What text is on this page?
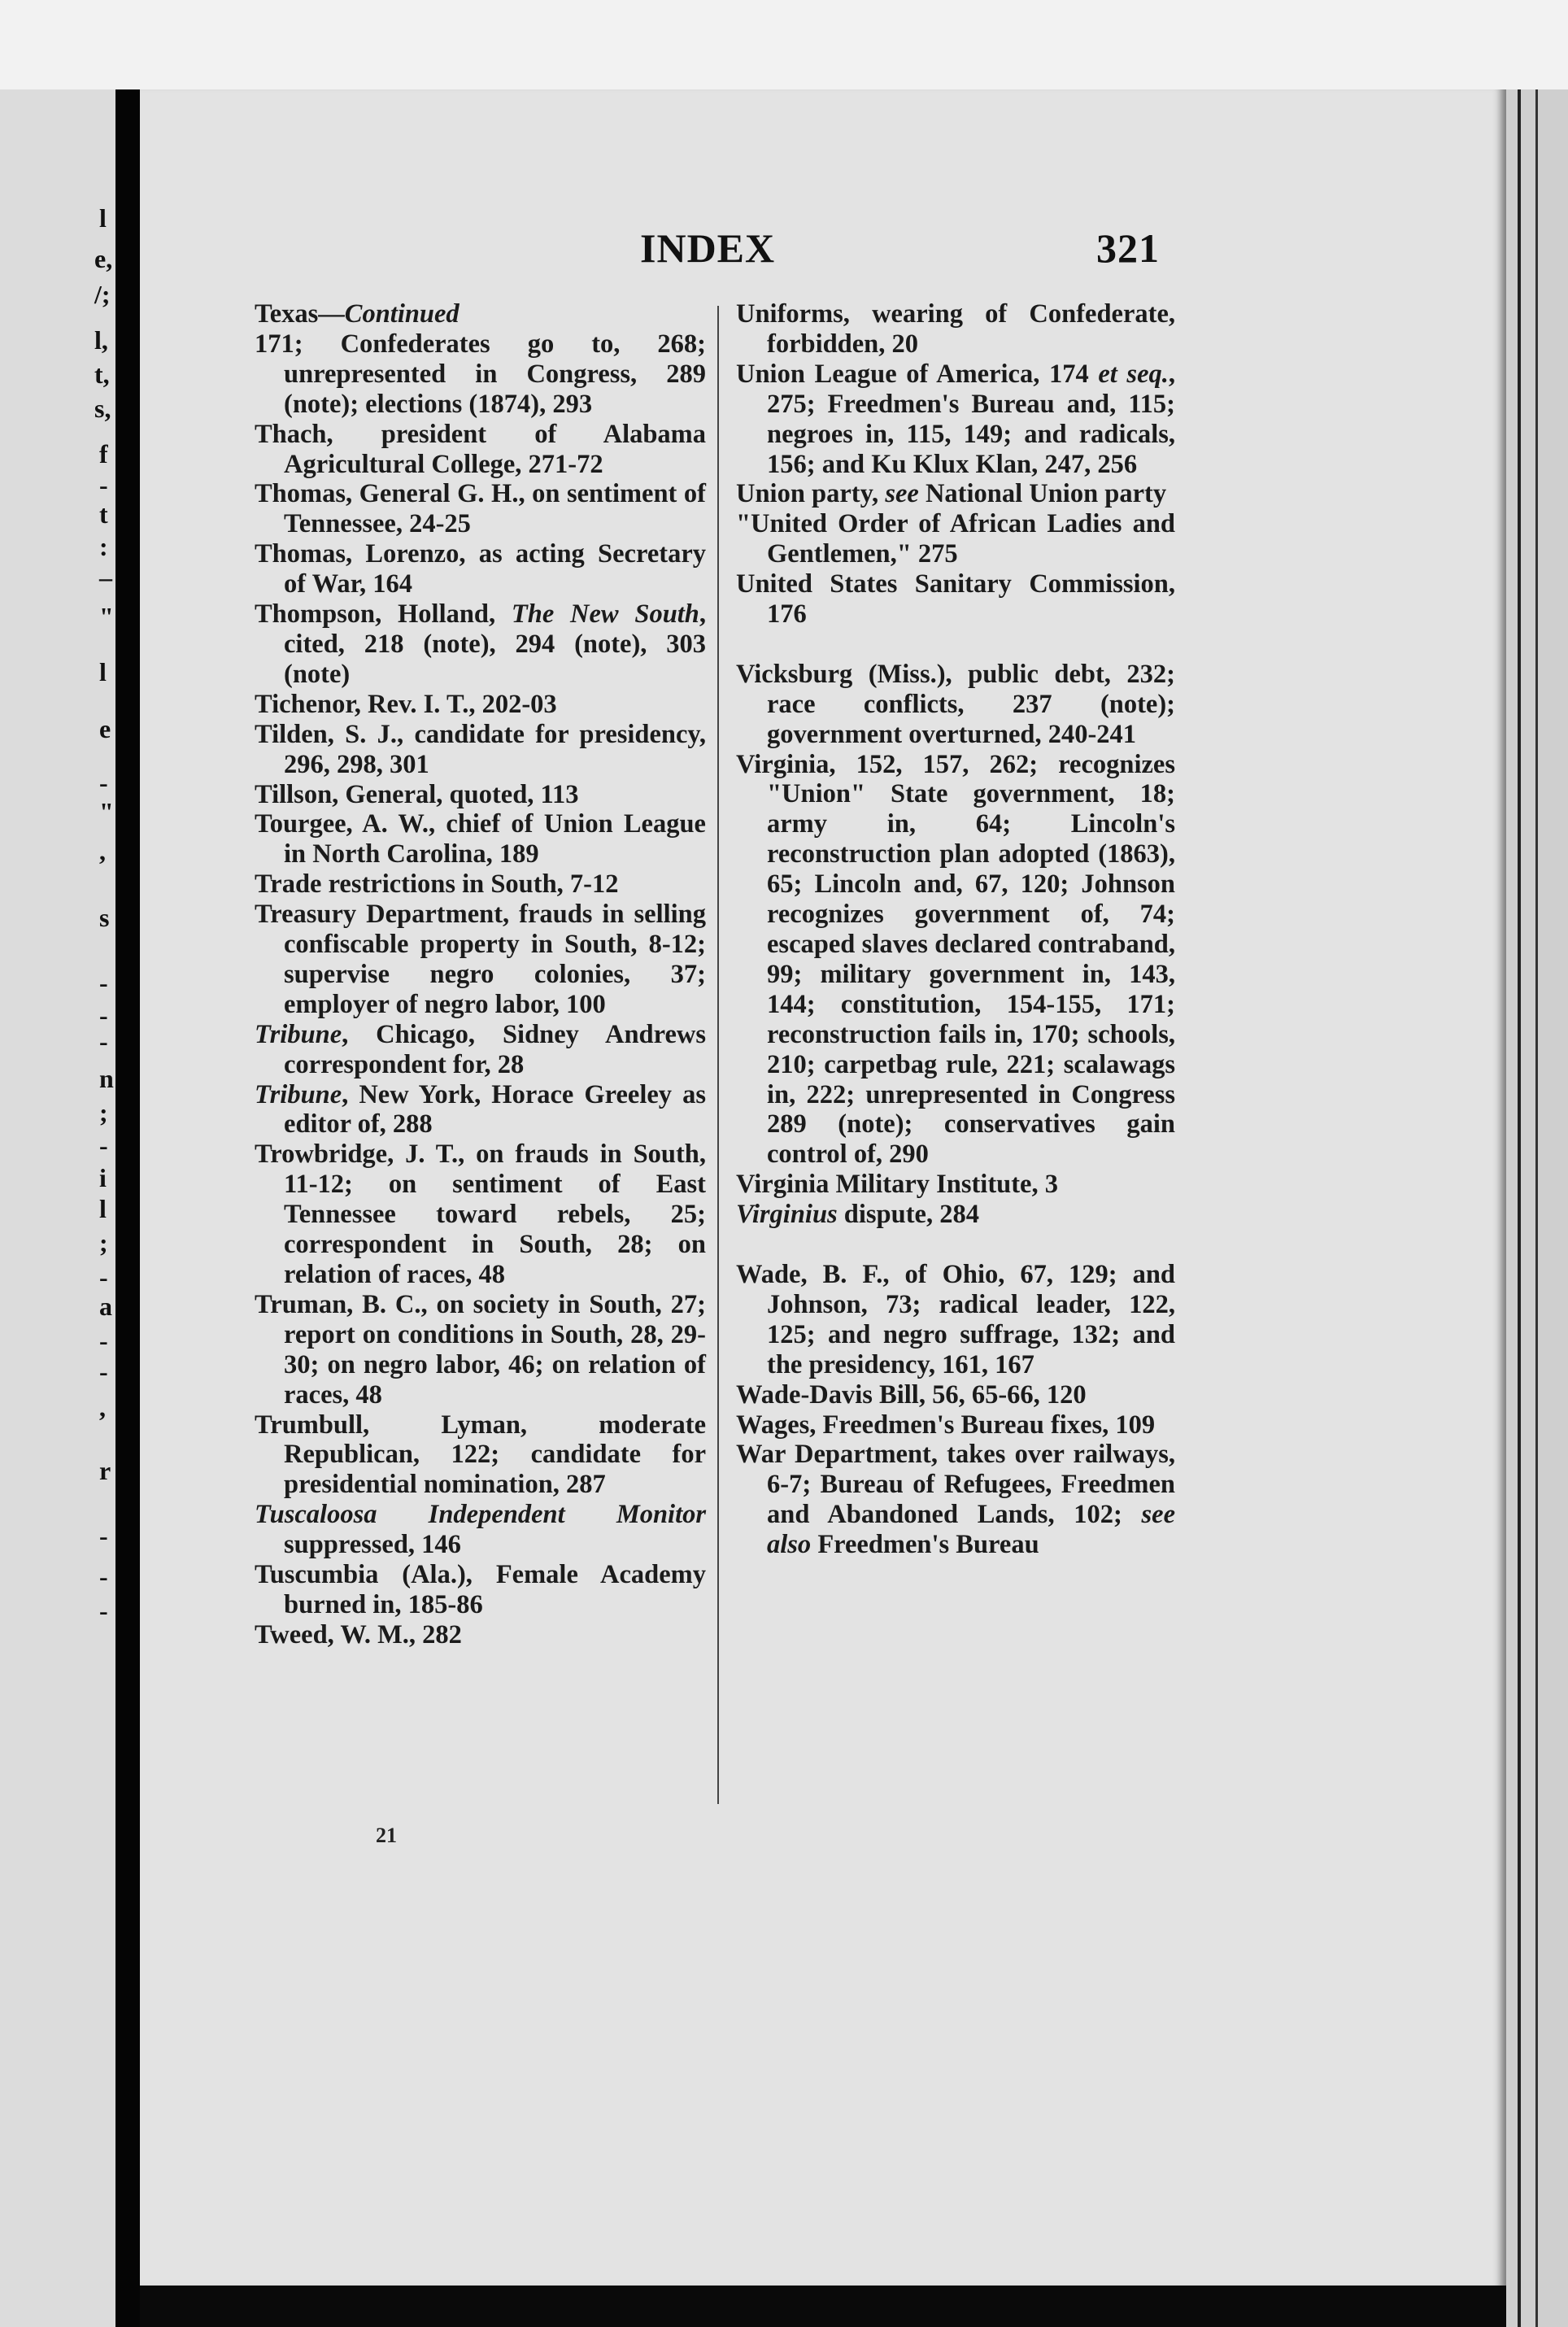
l
e,
/;
l,
t,
s,
f
-
t
:
–
"
l
e
-
"
,
s
-
-
-
n
;
-
i
l
;
-
a
-
-
,
r
-
-
-
INDEX	321
Texas—Continued
171; Confederates go to, 268; unrepresented in Congress, 289 (note); elections (1874), 293
Thach, president of Alabama Agricultural College, 271-72
Thomas, General G. H., on sentiment of Tennessee, 24-25
Thomas, Lorenzo, as acting Secretary of War, 164
Thompson, Holland, The New South, cited, 218 (note), 294 (note), 303 (note)
Tichenor, Rev. I. T., 202-03
Tilden, S. J., candidate for presidency, 296, 298, 301
Tillson, General, quoted, 113
Tourgee, A. W., chief of Union League in North Carolina, 189
Trade restrictions in South, 7-12
Treasury Department, frauds in selling confiscable property in South, 8-12; supervise negro colonies, 37; employer of negro labor, 100
Tribune, Chicago, Sidney Andrews correspondent for, 28
Tribune, New York, Horace Greeley as editor of, 288
Trowbridge, J. T., on frauds in South, 11-12; on sentiment of East Tennessee toward rebels, 25; correspondent in South, 28; on relation of races, 48
Truman, B. C., on society in South, 27; report on conditions in South, 28, 29-30; on negro labor, 46; on relation of races, 48
Trumbull, Lyman, moderate Republican, 122; candidate for presidential nomination, 287
Tuscaloosa Independent Monitor suppressed, 146
Tuscumbia (Ala.), Female Academy burned in, 185-86
Tweed, W. M., 282
Uniforms, wearing of Confederate, forbidden, 20
Union League of America, 174 et seq., 275; Freedmen's Bureau and, 115; negroes in, 115, 149; and radicals, 156; and Ku Klux Klan, 247, 256
Union party, see National Union party
"United Order of African Ladies and Gentlemen," 275
United States Sanitary Commission, 176
Vicksburg (Miss.), public debt, 232; race conflicts, 237 (note); government overturned, 240-241
Virginia, 152, 157, 262; recognizes "Union" State government, 18; army in, 64; Lincoln's reconstruction plan adopted (1863), 65; Lincoln and, 67, 120; Johnson recognizes government of, 74; escaped slaves declared contraband, 99; military government in, 143, 144; constitution, 154-155, 171; reconstruction fails in, 170; schools, 210; carpetbag rule, 221; scalawags in, 222; unrepresented in Congress 289 (note); conservatives gain control of, 290
Virginia Military Institute, 3
Virginius dispute, 284
Wade, B. F., of Ohio, 67, 129; and Johnson, 73; radical leader, 122, 125; and negro suffrage, 132; and the presidency, 161, 167
Wade-Davis Bill, 56, 65-66, 120
Wages, Freedmen's Bureau fixes, 109
War Department, takes over railways, 6-7; Bureau of Refugees, Freedmen and Abandoned Lands, 102; see also Freedmen's Bureau
21
